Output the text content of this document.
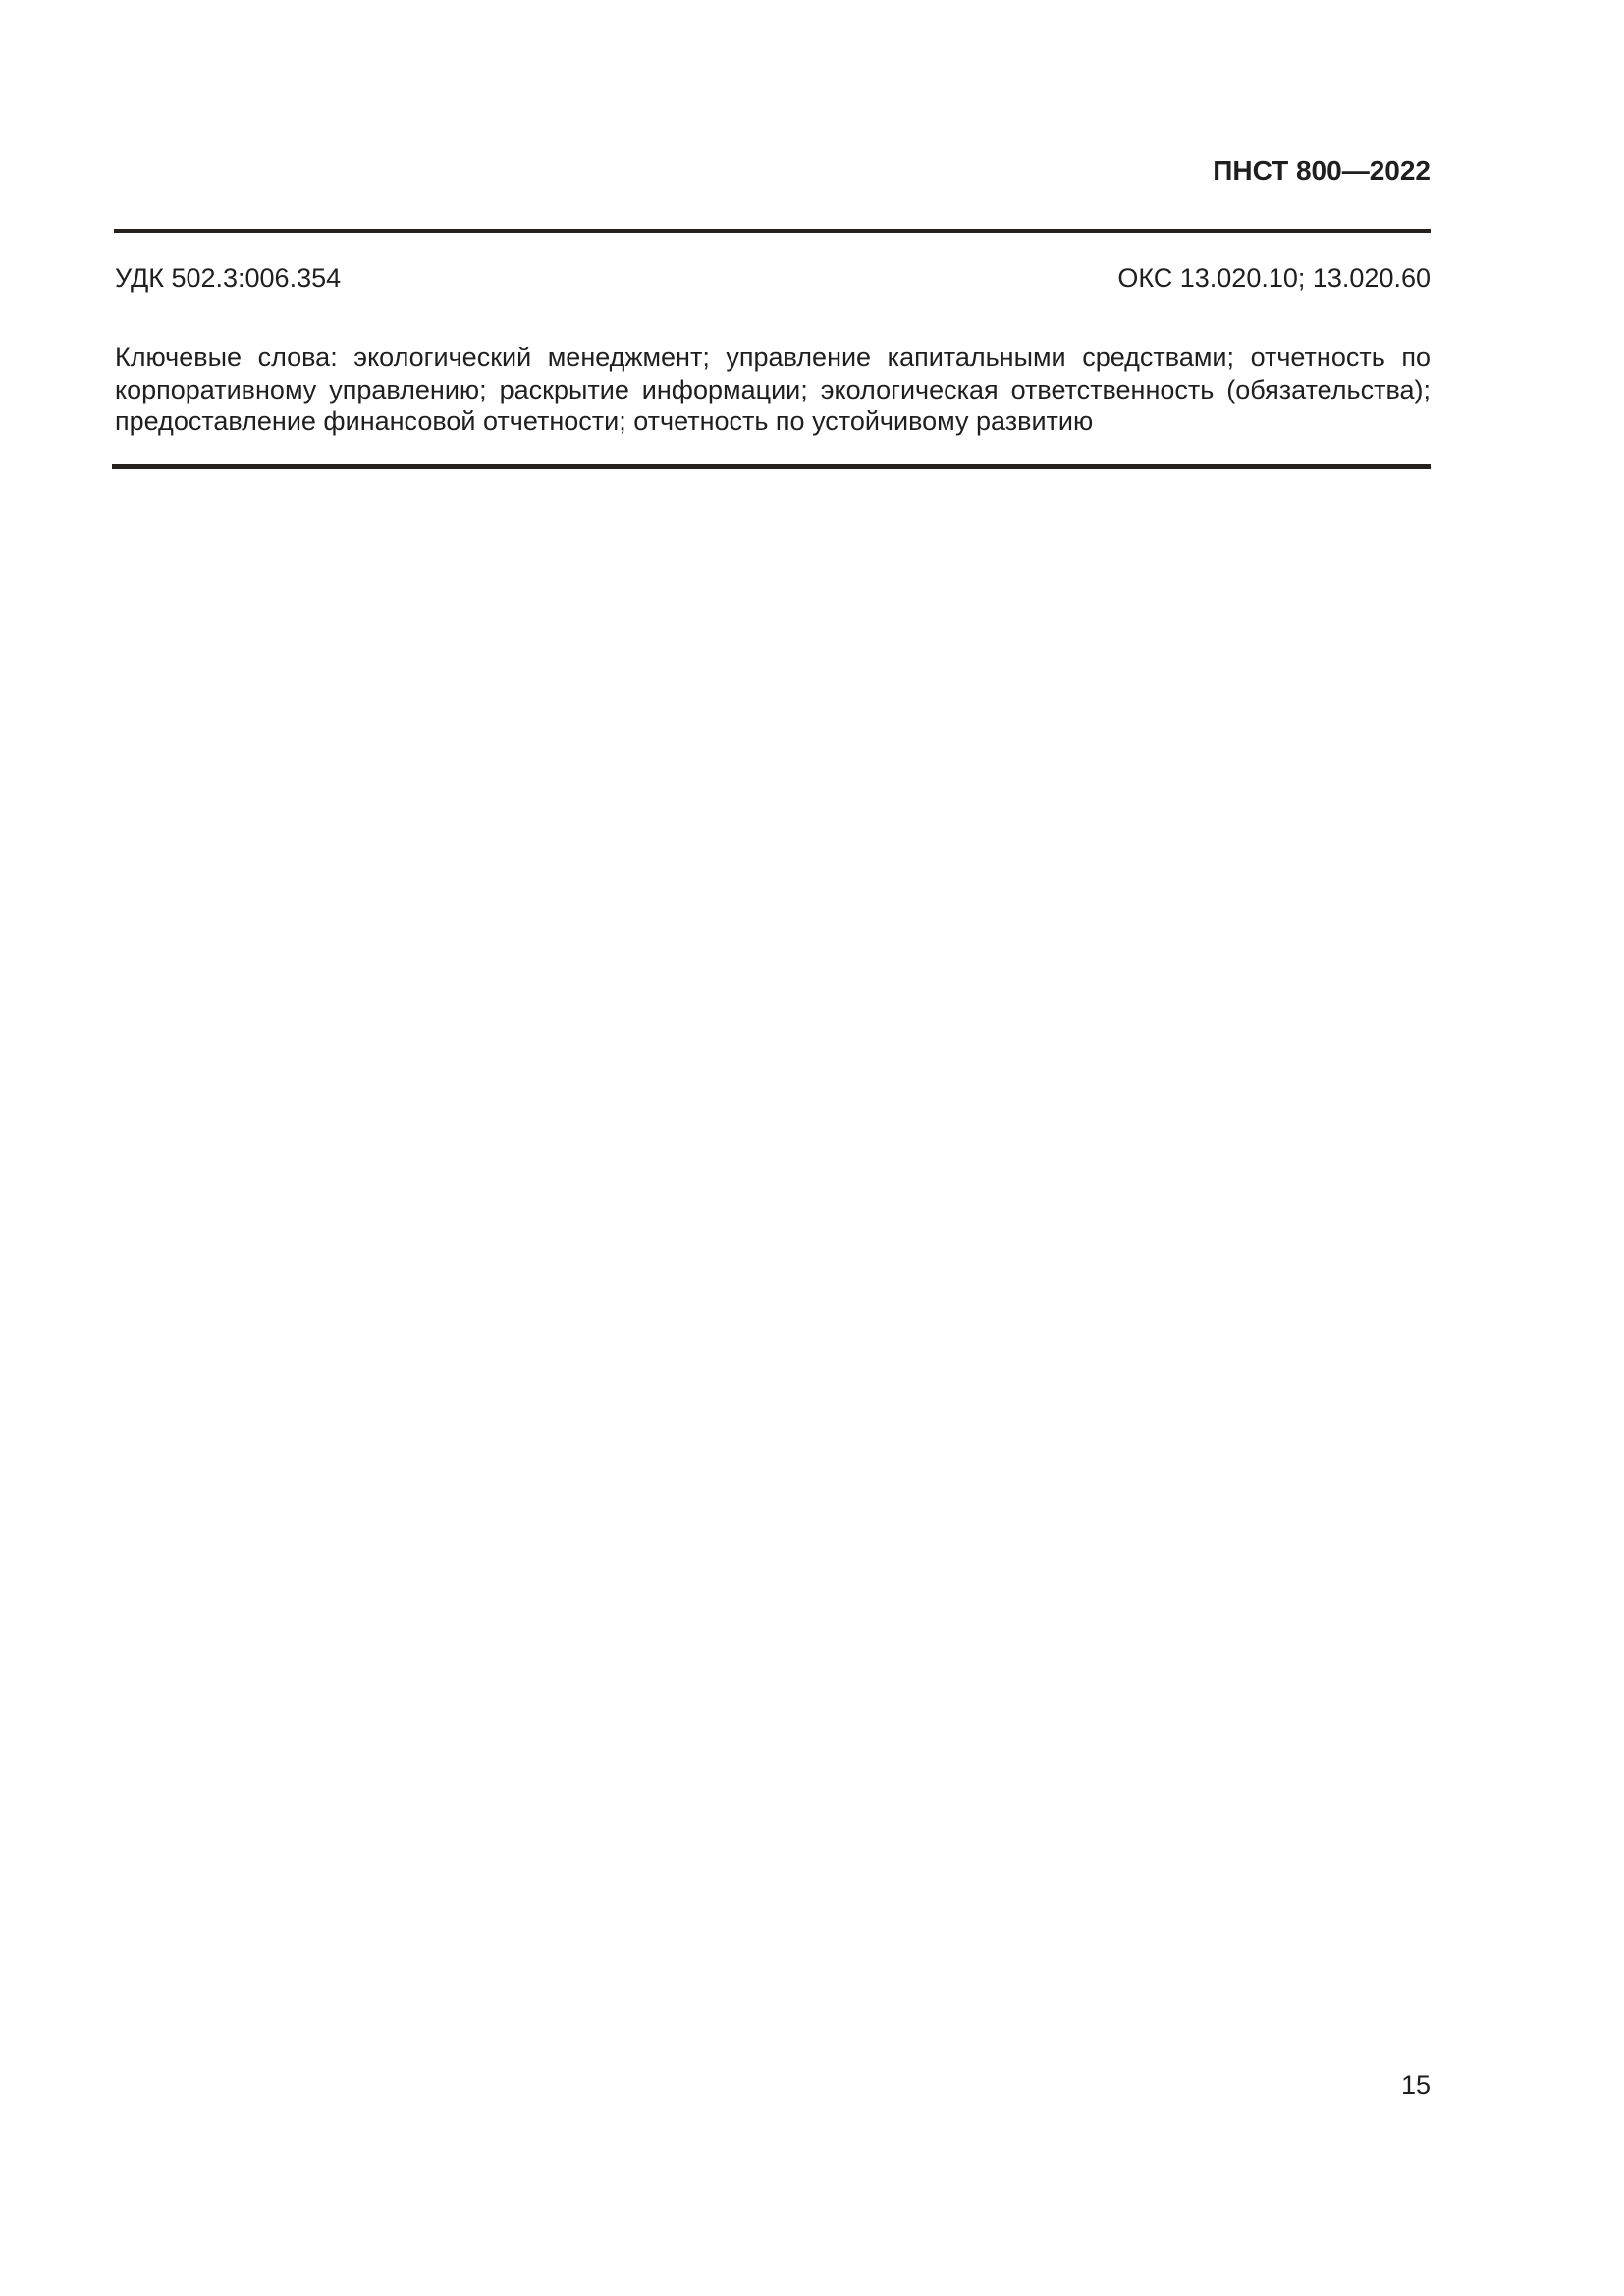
ПНСТ 800—2022
УДК 502.3:006.354	ОКС 13.020.10; 13.020.60
Ключевые слова: экологический менеджмент; управление капитальными средствами; отчетность по
корпоративному управлению; раскрытие информации; экологическая ответственность (обязательства);
предоставление финансовой отчетности; отчетность по устойчивому развитию
15
